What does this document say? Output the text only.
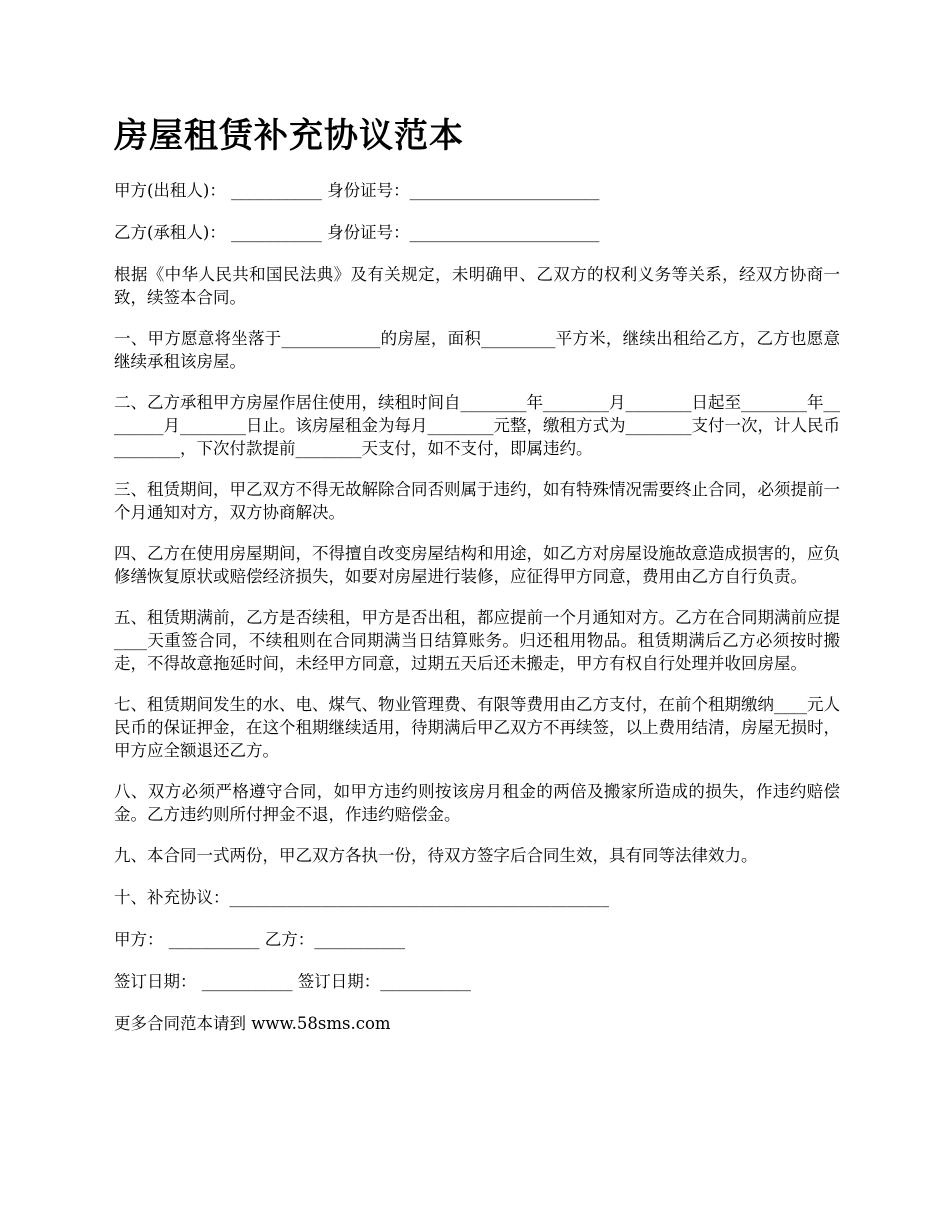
房屋租赁补充协议范本

甲方(出租人)： ___________ 身份证号：_______________________

乙方(承租人)： ___________ 身份证号：_______________________

根据《中华人民共和国民法典》及有关规定，未明确甲、乙双方的权利义务等关系，经双方协商一致，续签本合同。

一、甲方愿意将坐落于____________的房屋，面积_________平方米，继续出租给乙方，乙方也愿意继续承租该房屋。

二、乙方承租甲方房屋作居住使用，续租时间自________年________月________日起至________年________月________日止。该房屋租金为每月________元整，缴租方式为________支付一次，计人民币________，下次付款提前________天支付，如不支付，即属违约。

三、租赁期间，甲乙双方不得无故解除合同否则属于违约，如有特殊情况需要终止合同，必须提前一个月通知对方，双方协商解决。

四、乙方在使用房屋期间，不得擅自改变房屋结构和用途，如乙方对房屋设施故意造成损害的，应负修缮恢复原状或赔偿经济损失，如要对房屋进行装修，应征得甲方同意，费用由乙方自行负责。

五、租赁期满前，乙方是否续租，甲方是否出租，都应提前一个月通知对方。乙方在合同期满前应提____天重签合同，不续租则在合同期满当日结算账务。归还租用物品。租赁期满后乙方必须按时搬走，不得故意拖延时间，未经甲方同意，过期五天后还未搬走，甲方有权自行处理并收回房屋。

七、租赁期间发生的水、电、煤气、物业管理费、有限等费用由乙方支付，在前个租期缴纳____元人民币的保证押金，在这个租期继续适用，待期满后甲乙双方不再续签，以上费用结清，房屋无损时，甲方应全额退还乙方。

八、双方必须严格遵守合同，如甲方违约则按该房月租金的两倍及搬家所造成的损失，作违约赔偿金。乙方违约则所付押金不退，作违约赔偿金。

九、本合同一式两份，甲乙双方各执一份，待双方签字后合同生效，具有同等法律效力。

十、补充协议：______________________________________________

甲方： ___________ 乙方：___________

签订日期： ___________ 签订日期：___________

更多合同范本请到 www.58sms.com
